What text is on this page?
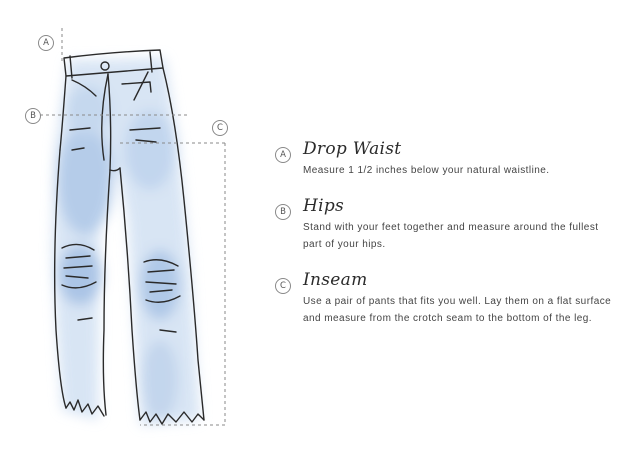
A
B
C
A Drop Waist
Measure 1 1/2 inches below your natural waistline.
B Hips
Stand with your feet together and measure around the fullest part of your hips.
C Inseam
Use a pair of pants that fits you well. Lay them on a flat surface and measure from the crotch seam to the bottom of the leg.
